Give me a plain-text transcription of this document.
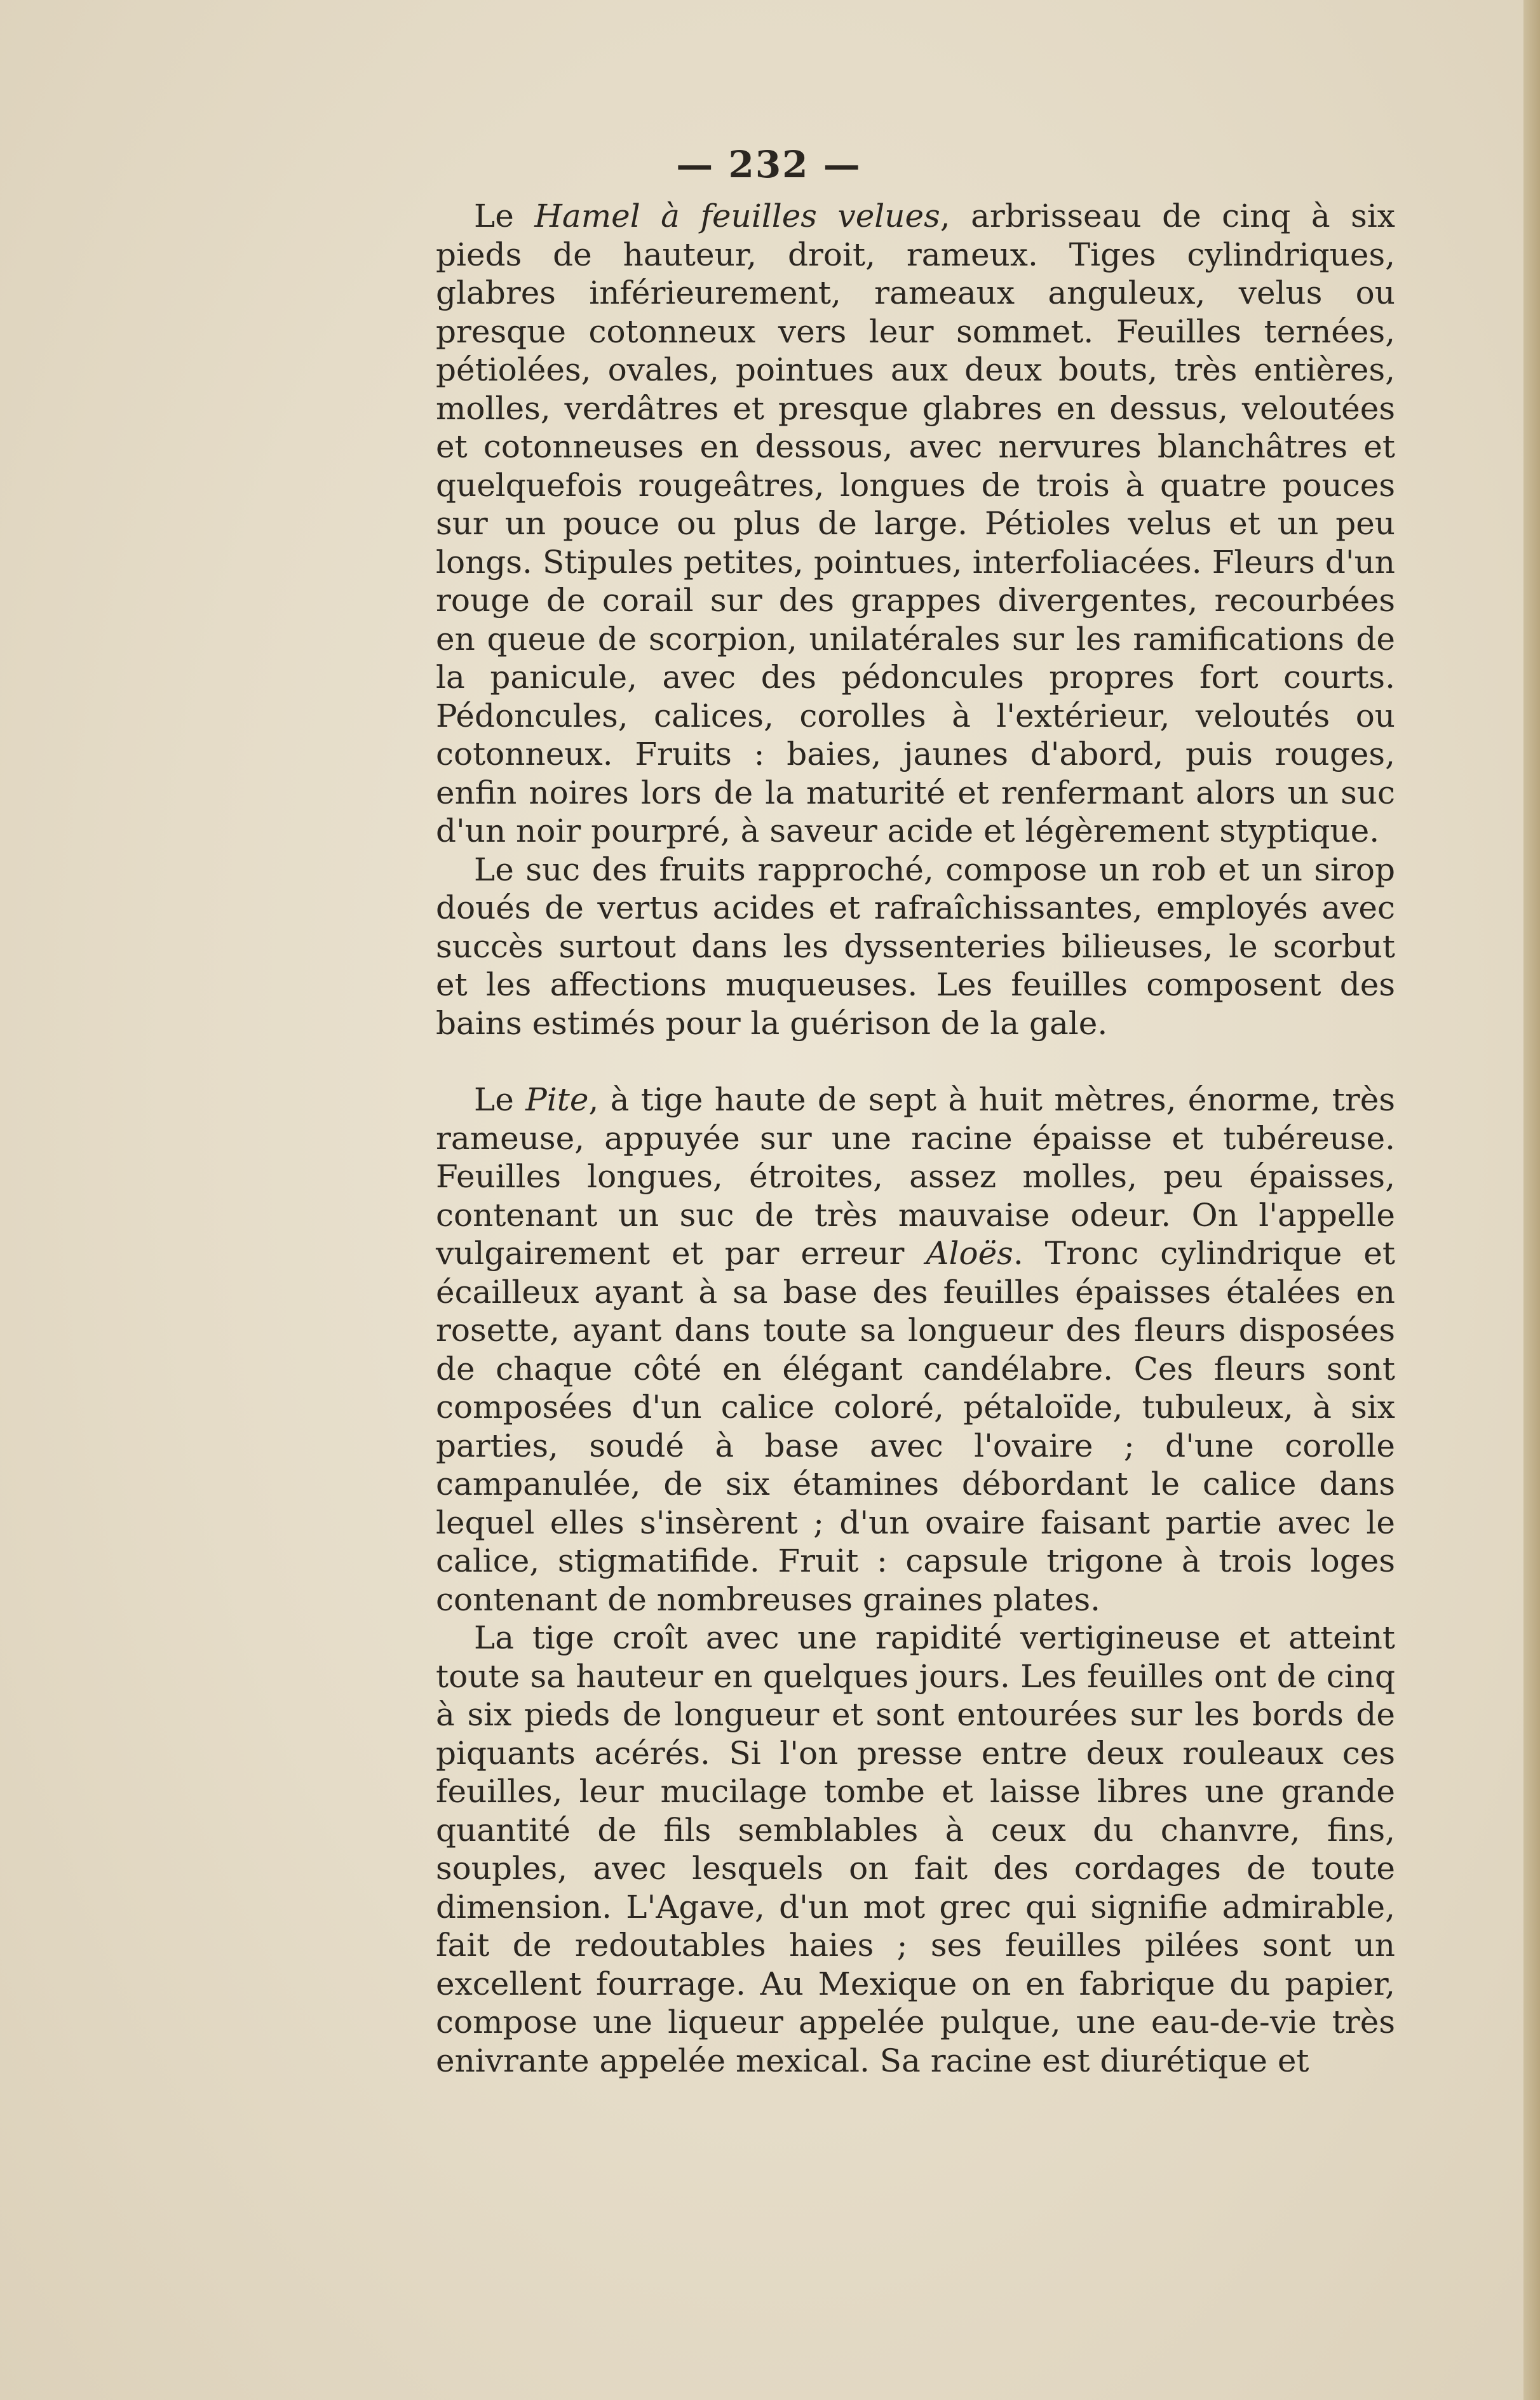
— 232 —

Le Hamel à feuilles velues, arbrisseau de cinq à six pieds de hauteur, droit, rameux. Tiges cylindriques, glabres inférieurement, rameaux anguleux, velus ou presque cotonneux vers leur sommet. Feuilles ternées, pétiolées, ovales, pointues aux deux bouts, très entières, molles, verdâtres et presque glabres en dessus, veloutées et cotonneuses en dessous, avec nervures blanchâtres et quelquefois rougeâtres, longues de trois à quatre pouces sur un pouce ou plus de large. Pétioles velus et un peu longs. Stipules petites, pointues, interfoliacées. Fleurs d'un rouge de corail sur des grappes divergentes, recourbées en queue de scorpion, unilatérales sur les ramifications de la panicule, avec des pédoncules propres fort courts. Pédoncules, calices, corolles à l'extérieur, veloutés ou cotonneux. Fruits : baies, jaunes d'abord, puis rouges, enfin noires lors de la maturité et renfermant alors un suc d'un noir pourpré, à saveur acide et légèrement styptique.

Le suc des fruits rapproché, compose un rob et un sirop doués de vertus acides et rafraîchissantes, employés avec succès surtout dans les dyssenteries bilieuses, le scorbut et les affections muqueuses. Les feuilles composent des bains estimés pour la guérison de la gale.

Le Pite, à tige haute de sept à huit mètres, énorme, très rameuse, appuyée sur une racine épaisse et tubéreuse. Feuilles longues, étroites, assez molles, peu épaisses, contenant un suc de très mauvaise odeur. On l'appelle vulgairement et par erreur Aloës. Tronc cylindrique et écailleux ayant à sa base des feuilles épaisses étalées en rosette, ayant dans toute sa longueur des fleurs disposées de chaque côté en élégant candélabre. Ces fleurs sont composées d'un calice coloré, pétaloïde, tubuleux, à six parties, soudé à base avec l'ovaire ; d'une corolle campanulée, de six étamines débordant le calice dans lequel elles s'insèrent ; d'un ovaire faisant partie avec le calice, stigmatifide. Fruit : capsule trigone à trois loges contenant de nombreuses graines plates.

La tige croît avec une rapidité vertigineuse et atteint toute sa hauteur en quelques jours. Les feuilles ont de cinq à six pieds de longueur et sont entourées sur les bords de piquants acérés. Si l'on presse entre deux rouleaux ces feuilles, leur mucilage tombe et laisse libres une grande quantité de fils semblables à ceux du chanvre, fins, souples, avec lesquels on fait des cordages de toute dimension. L'Agave, d'un mot grec qui signifie admirable, fait de redoutables haies ; ses feuilles pilées sont un excellent fourrage. Au Mexique on en fabrique du papier, compose une liqueur appelée pulque, une eau-de-vie très enivrante appelée mexical. Sa racine est diurétique et
